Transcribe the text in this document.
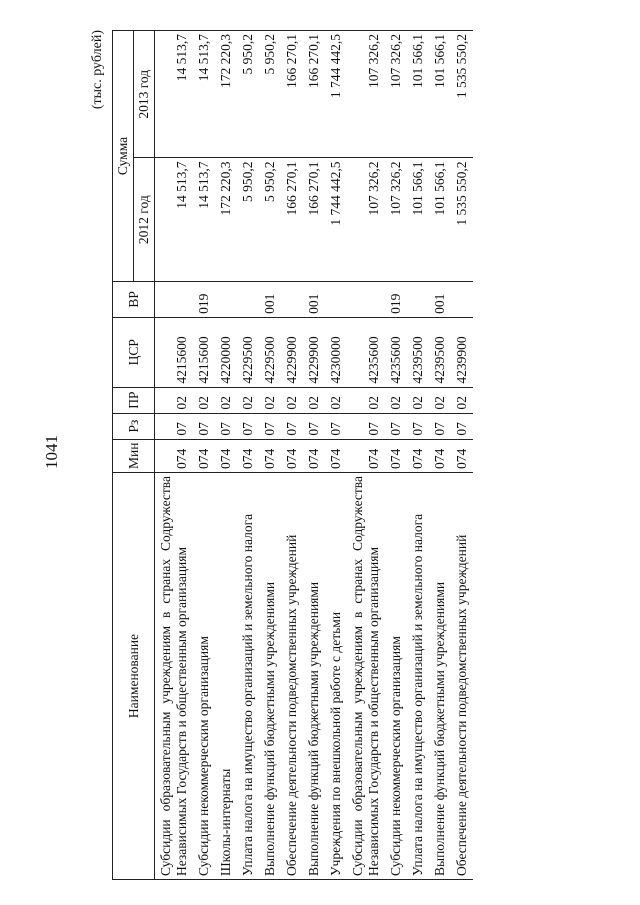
1041
(тыс. рублей)
Наименование	Мин	Рз	ПР	ЦСР	ВР	Сумма	
						2012 год	2013 год
Субсидии образовательным учреждениям в странах Содружества Независимых Государств и общественным организациям	074	07	02	4215600		14 513,7	14 513,7
Субсидии некоммерческим организациям	074	07	02	4215600	019	14 513,7	14 513,7
Школы-интернаты	074	07	02	4220000		172 220,3	172 220,3
Уплата налога на имущество организаций и земельного налога	074	07	02	4229500		5 950,2	5 950,2
Выполнение функций бюджетными учреждениями	074	07	02	4229500	001	5 950,2	5 950,2
Обеспечение деятельности подведомственных учреждений	074	07	02	4229900		166 270,1	166 270,1
Выполнение функций бюджетными учреждениями	074	07	02	4229900	001	166 270,1	166 270,1
Учреждения по внешкольной работе с детьми	074	07	02	4230000		1 744 442,5	1 744 442,5
Субсидии образовательным учреждениям в странах Содружества Независимых Государств и общественным организациям	074	07	02	4235600		107 326,2	107 326,2
Субсидии некоммерческим организациям	074	07	02	4235600	019	107 326,2	107 326,2
Уплата налога на имущество организаций и земельного налога	074	07	02	4239500		101 566,1	101 566,1
Выполнение функций бюджетными учреждениями	074	07	02	4239500	001	101 566,1	101 566,1
Обеспечение деятельности подведомственных учреждений	074	07	02	4239900		1 535 550,2	1 535 550,2
